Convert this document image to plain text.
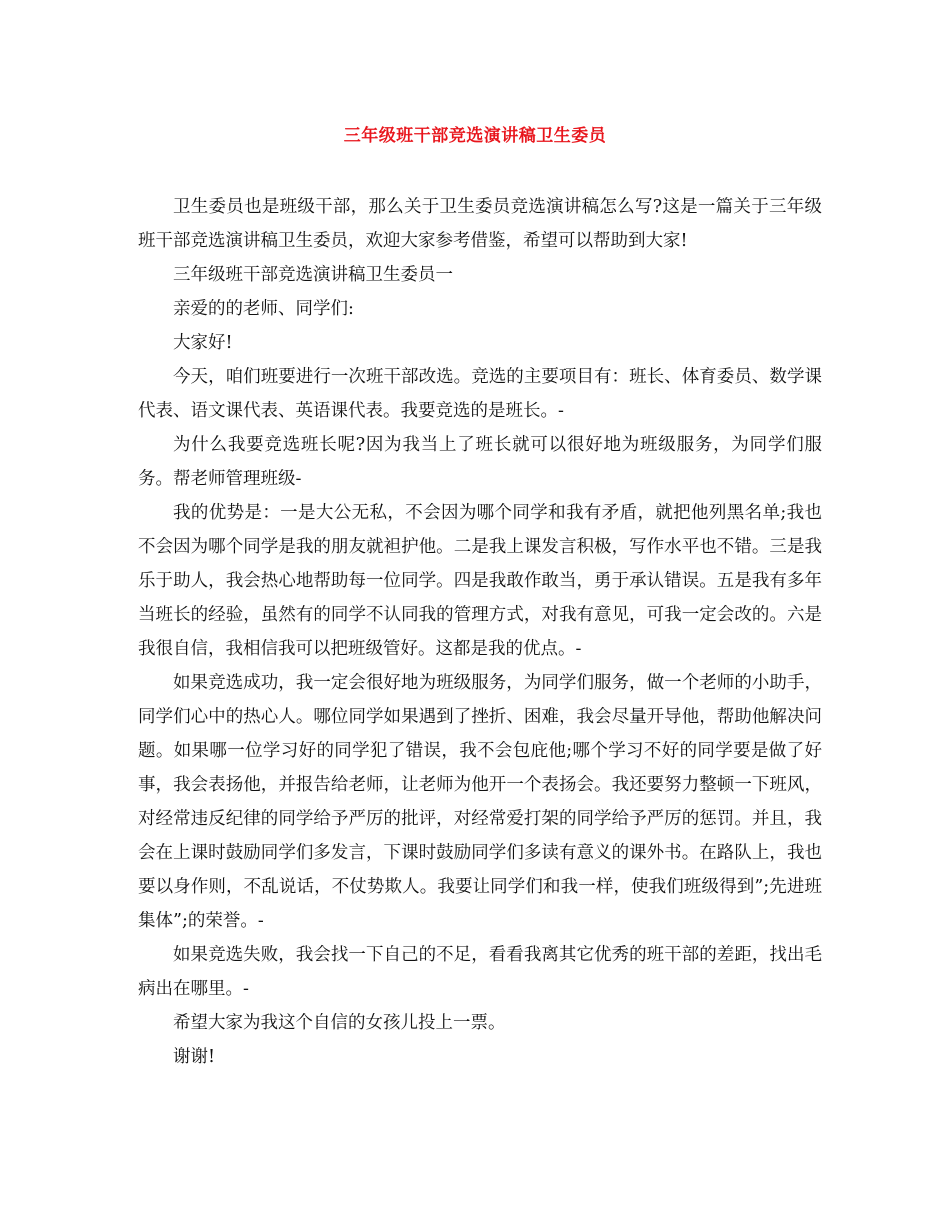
三年级班干部竞选演讲稿卫生委员

卫生委员也是班级干部，那么关于卫生委员竞选演讲稿怎么写?这是一篇关于三年级班干部竞选演讲稿卫生委员，欢迎大家参考借鉴，希望可以帮助到大家!

三年级班干部竞选演讲稿卫生委员一

亲爱的的老师、同学们:

大家好!

今天，咱们班要进行一次班干部改选。竞选的主要项目有：班长、体育委员、数学课代表、语文课代表、英语课代表。我要竞选的是班长。-

为什么我要竞选班长呢?因为我当上了班长就可以很好地为班级服务，为同学们服务。帮老师管理班级-

我的优势是：一是大公无私，不会因为哪个同学和我有矛盾，就把他列黑名单;我也不会因为哪个同学是我的朋友就袒护他。二是我上课发言积极，写作水平也不错。三是我乐于助人，我会热心地帮助每一位同学。四是我敢作敢当，勇于承认错误。五是我有多年当班长的经验，虽然有的同学不认同我的管理方式，对我有意见，可我一定会改的。六是我很自信，我相信我可以把班级管好。这都是我的优点。-

如果竞选成功，我一定会很好地为班级服务，为同学们服务，做一个老师的小助手，同学们心中的热心人。哪位同学如果遇到了挫折、困难，我会尽量开导他，帮助他解决问题。如果哪一位学习好的同学犯了错误，我不会包庇他;哪个学习不好的同学要是做了好事，我会表扬他，并报告给老师，让老师为他开一个表扬会。我还要努力整顿一下班风，对经常违反纪律的同学给予严厉的批评，对经常爱打架的同学给予严厉的惩罚。并且，我会在上课时鼓励同学们多发言，下课时鼓励同学们多读有意义的课外书。在路队上，我也要以身作则，不乱说话，不仗势欺人。我要让同学们和我一样，使我们班级得到”;先进班集体”;的荣誉。-

如果竞选失败，我会找一下自己的不足，看看我离其它优秀的班干部的差距，找出毛病出在哪里。-

希望大家为我这个自信的女孩儿投上一票。

谢谢!
